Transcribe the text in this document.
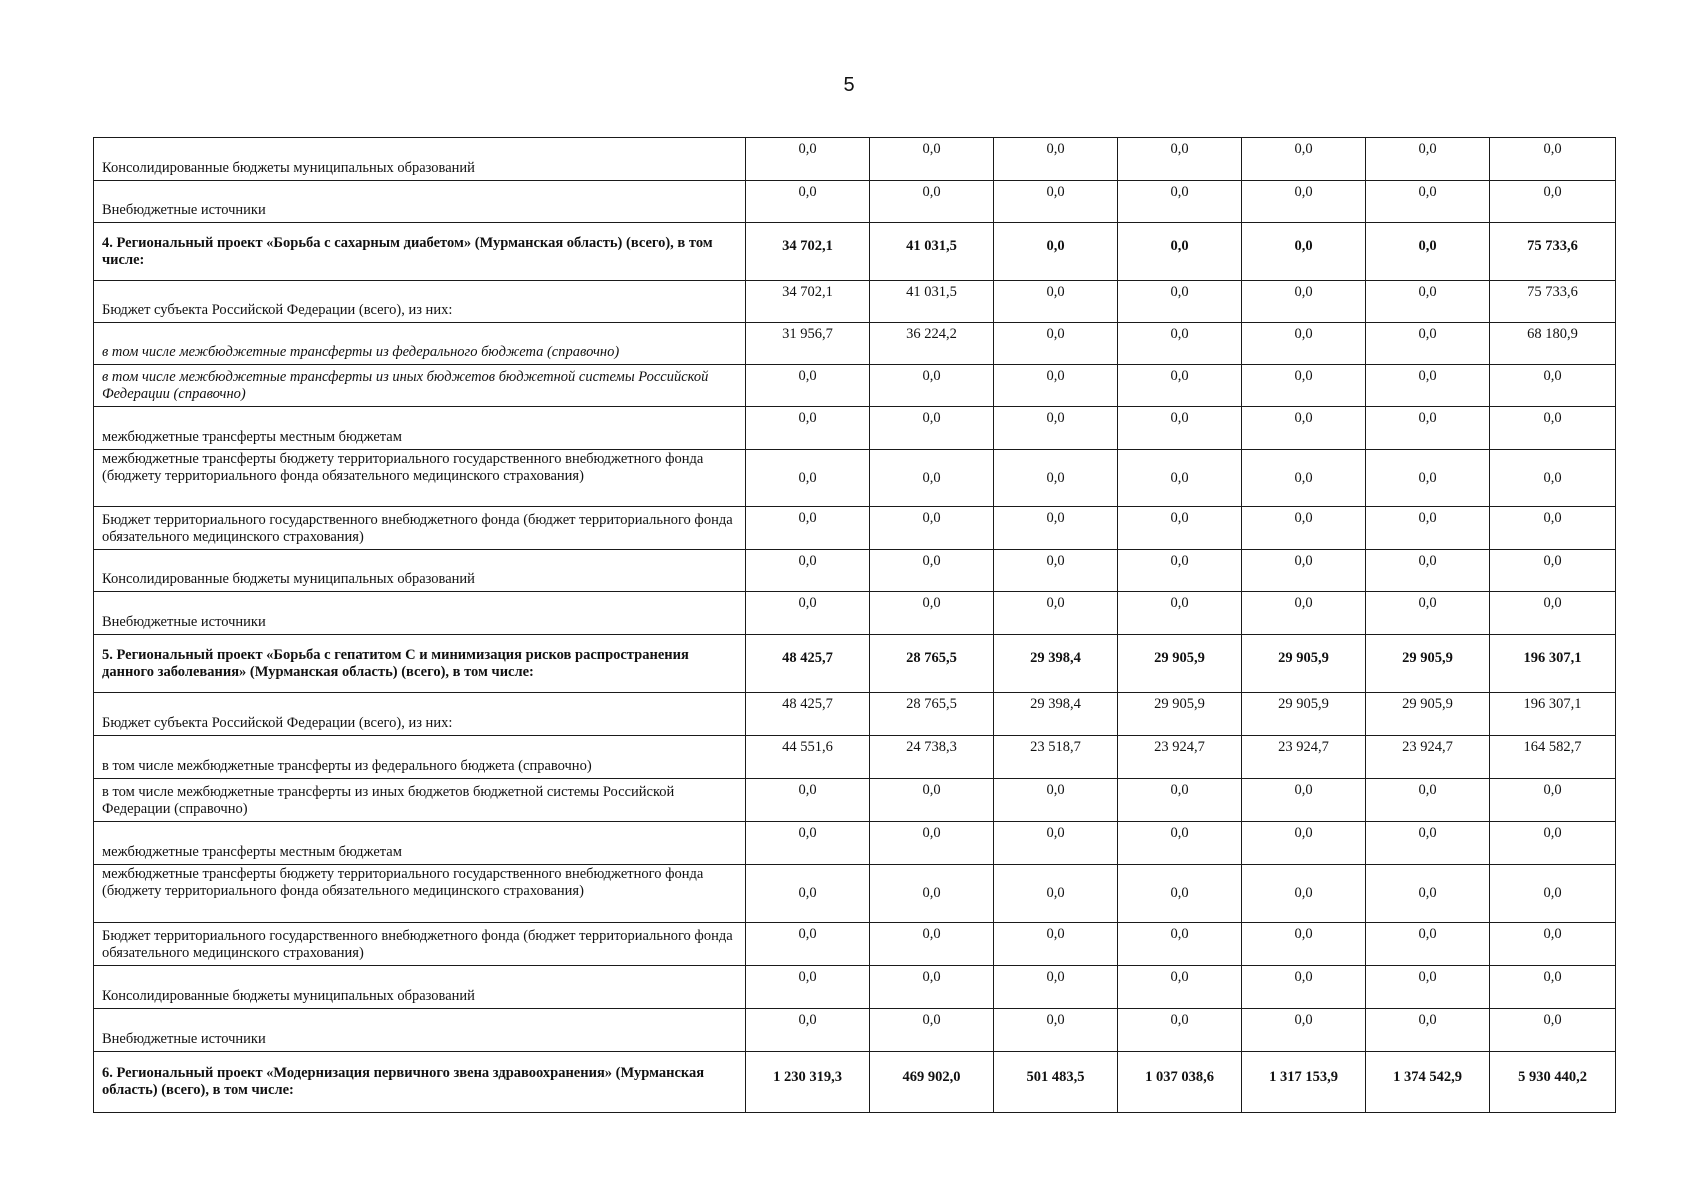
5
Консолидированные бюджеты муниципальных образований	0,0	0,0	0,0	0,0	0,0	0,0	0,0
Внебюджетные источники	0,0	0,0	0,0	0,0	0,0	0,0	0,0
4. Региональный проект «Борьба с сахарным диабетом» (Мурманская область) (всего), в том числе:	34 702,1	41 031,5	0,0	0,0	0,0	0,0	75 733,6
Бюджет субъекта Российской Федерации (всего), из них:	34 702,1	41 031,5	0,0	0,0	0,0	0,0	75 733,6
в том числе межбюджетные трансферты из федерального бюджета (справочно)	31 956,7	36 224,2	0,0	0,0	0,0	0,0	68 180,9
в том числе межбюджетные трансферты из иных бюджетов бюджетной системы Российской Федерации (справочно)	0,0	0,0	0,0	0,0	0,0	0,0	0,0
межбюджетные трансферты местным бюджетам	0,0	0,0	0,0	0,0	0,0	0,0	0,0
межбюджетные трансферты бюджету территориального государственного внебюджетного фонда (бюджету территориального фонда обязательного медицинского страхования)	0,0	0,0	0,0	0,0	0,0	0,0	0,0
Бюджет территориального государственного внебюджетного фонда (бюджет территориального фонда обязательного медицинского страхования)	0,0	0,0	0,0	0,0	0,0	0,0	0,0
Консолидированные бюджеты муниципальных образований	0,0	0,0	0,0	0,0	0,0	0,0	0,0
Внебюджетные источники	0,0	0,0	0,0	0,0	0,0	0,0	0,0
5. Региональный проект «Борьба с гепатитом С и минимизация рисков распространения данного заболевания» (Мурманская область) (всего), в том числе:	48 425,7	28 765,5	29 398,4	29 905,9	29 905,9	29 905,9	196 307,1
Бюджет субъекта Российской Федерации (всего), из них:	48 425,7	28 765,5	29 398,4	29 905,9	29 905,9	29 905,9	196 307,1
в том числе межбюджетные трансферты из федерального бюджета (справочно)	44 551,6	24 738,3	23 518,7	23 924,7	23 924,7	23 924,7	164 582,7
в том числе межбюджетные трансферты из иных бюджетов бюджетной системы Российской Федерации (справочно)	0,0	0,0	0,0	0,0	0,0	0,0	0,0
межбюджетные трансферты местным бюджетам	0,0	0,0	0,0	0,0	0,0	0,0	0,0
межбюджетные трансферты бюджету территориального государственного внебюджетного фонда (бюджету территориального фонда обязательного медицинского страхования)	0,0	0,0	0,0	0,0	0,0	0,0	0,0
Бюджет территориального государственного внебюджетного фонда (бюджет территориального фонда обязательного медицинского страхования)	0,0	0,0	0,0	0,0	0,0	0,0	0,0
Консолидированные бюджеты муниципальных образований	0,0	0,0	0,0	0,0	0,0	0,0	0,0
Внебюджетные источники	0,0	0,0	0,0	0,0	0,0	0,0	0,0
6. Региональный проект «Модернизация первичного звена здравоохранения» (Мурманская область) (всего), в том числе:	1 230 319,3	469 902,0	501 483,5	1 037 038,6	1 317 153,9	1 374 542,9	5 930 440,2
